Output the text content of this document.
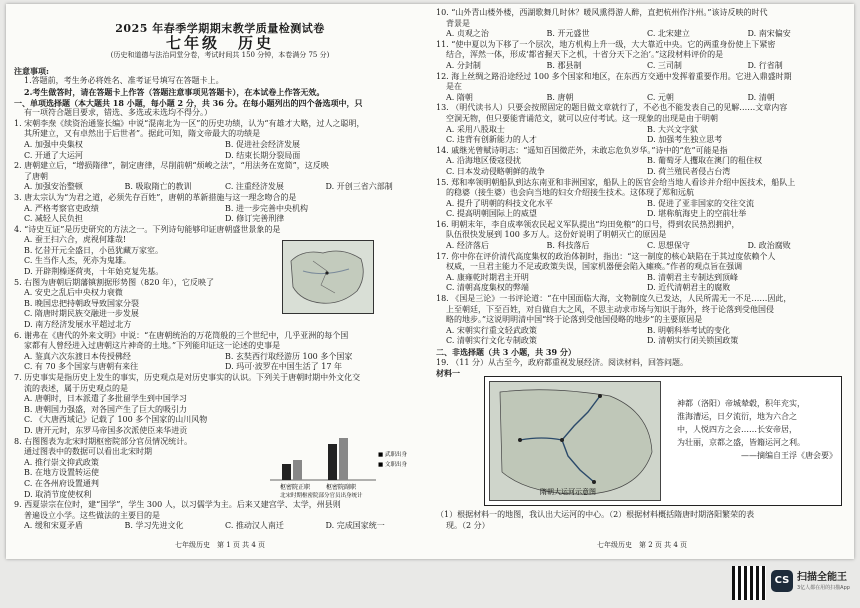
2025 年春季学期期末教学质量检测试卷
七年级　历史
(历史和道德与法治同堂分卷，考试时间共 150 分钟，本卷满分 75 分)
注意事项:
1.答题前，考生务必将姓名、准考证号填写在答题卡上。
2.考生做答时，请在答题卡上作答（答题注意事项见答题卡），在本试卷上作答无效。
一、单项选择题（本大题共 18 小题，每小题 2 分，共 36 分。在每小题列出的四个备选项中，只
有一项符合题目要求，错选、多选或未选均不得分。）
1. 宋朝李焘《续资治通鉴长编》中说“混南北为一区”的历史功绩，认为“有雄才大略，过人之聪明，
其所建立，又有卓然出于后世者”。据此可知，隋文帝最大的功绩是
A. 加强中央集权	B. 促进社会经济发展
C. 开通了大运河	D. 结束长期分裂局面
2. 唐朝建立后，“增损隋律”，制定唐律，尽削前朝“烦峻之法”，“用法务在宽简”，这反映
了唐朝
A. 加强安治整顿	B. 吸取隋亡的教训	C. 注重经济发展	D. 开创三省六部制
3. 唐太宗认为“为君之道，必须先存百姓”，唐朝的革新措施与这一理念吻合的是
A. 严格考察官吏政绩	B. 进一步完善中央机构
C. 减轻人民负担	D. 修订完善刑律
4. “诗史互证”是历史研究的方法之一。下列诗句能够印证唐朝盛世景象的是
A. 蚕王扫六合，虎视何雄哉!
B. 忆昔开元全盛日，小邑犹藏万家室。
C. 生当作人杰，死亦为鬼雄。
D. 开辟荆榛逐荷夷，十年始克复先基。
5. 右图为唐朝后期藩镇割据形势图（820 年），它反映了
A. 安史之乱后中央权力衰微
B. 晚国忠把持朝政导致国家分裂
C. 隋唐时期民族交融进一步发展
D. 南方经济发展水平超过北方
6. 谢弗在《唐代的外来文明》中说：“在唐朝统治的万花筒般的三个世纪中，几乎亚洲的每个国
家都有人曾经进入过唐朝这片神奇的土地。”下列能印证这一论述的史事是
A. 鉴真六次东渡日本传授佛经	B. 玄奘西行取经游历 100 多个国家
C. 有 70 多个国家与唐朝有来往	D. 玛可·波罗在中国生活了 17 年
7. 历史事实是指历史上发生的事实，历史观点是对历史事实的认识。下列关于唐朝时期中外文化交
流的表述，属于历史观点的是
A. 唐朝时，日本派遣了多批留学生到中国学习
B. 唐朝国力强盛，对各国产生了巨大的吸引力
C. 《大唐西域记》记载了 100 多个国家的山川风物
D. 唐开元时，东罗马帝国多次派使臣来华进贡
8. 右图图表为北宋时期枢密院部分官员情况统计。
通过图表中的数据可以看出北宋时期
A. 推行崇文抑武政策
B. 在地方设置转运使
C. 在各州府设置通判
D. 取消节度使权利
9. 西夏崇宗在位时，建“国学”，学生 300 人，以习儒学为主。后来又建宫学、太学，州县则
普遍设立小学。这些做法的主要目的是
A. 缓和宋夏矛盾	B. 学习先进文化	C. 推动汉人南迁	D. 完成国家统一
枢密院正职	枢密院副职
■ 武职出身
■ 文职出身
北宋时期枢密院部分官员出身统计
七年级历史　第 1 页 共 4 页
10. “山外青山楼外楼，西湖歌舞几时休？暖风熏得游人醉，直把杭州作汴州。”该诗反映的时代
背景是
A. 贞观之治	B. 开元盛世	C. 北宋建立	D. 南宋偏安
11. “使中夏以为下移了一个层次，地方机构上升一级，大大靠近中央。它的两重身份使上下紧密
结合，浑然一体，形成‘都省握天下之机，十省分天下之治’。”这段材料评价的是
A. 分封制	B. 郡县制	C. 三司制	D. 行省制
12. 海上丝绸之路沿途经过 100 多个国家和地区，在东西方交通中发挥着重要作用。它进入鼎盛时期
是在
A. 隋朝	B. 唐朝	C. 元朝	D. 清朝
13. （明代读书人）只要会按照固定的题目做文章就行了，不必也不能发表自己的见解……文章内容
空洞无物，但只要能背诵范文，就可以应付考试。这一现象的出现是由于明朝
A. 采用八股取士	B. 大兴文字狱
C. 违背有创新能力的人才	D. 加强考生独立思考
14. 戚继光曾赋诗明志：“遥知百国微茫外，未敢忘危负岁华。”诗中的“危”可能是指
A. 沿海地区倭寇侵扰	B. 葡萄牙人攫取在澳门的租住权
C. 日本发动侵略朝鲜的战争	D. 荷兰殖民者侵占台湾
15. 郑和率领明朝船队到达东南亚和非洲国家，船队上的医官会给当地人看诊并介绍中医技术，船队上
的稳婆（接生婆）也会向当地的妇女介绍接生技术。这体现了郑和远航
A. 提升了明朝的科技文化水平	B. 促进了亚非国家的交往交流
C. 提高明朝国际上的威望	D. 堪称航海史上的空前壮举
16. 明朝末年，李自成率领农民起义军队提出“均田免粮”的口号，得到农民热烈拥护，
队伍很快发展到 100 多万人。这份好说明了明朝灭亡的原因是
A. 经济落后	B. 科技落后	C. 思想保守	D. 政治腐败
17. 你中你在评价清代高度集权的政治体制时，指出：“这一制度的核心缺陷在于其过度依赖个人
权威，一旦君主能力不足或政策失误，国家机器便会陷入瘫痪。”作者的观点旨在强调
A. 康雍乾时期君主开明	B. 清朝君主专制达到顶峰
C. 清朝高度集权的弊端	D. 近代清朝君主的腐败
18. 《国是三论》一书评论道：“在中国面临大海，文物制度久已发达，人民所需无一不足……因此，
上至朝廷，下至百姓，对自做自大之风，不思主动求市场与知识于海外，终于论落到受他国侵
略的地步。”这说明明清中国“终于论落到受他国侵略的地步”的主要原因是
A. 宋朝实行重文轻武政策	B. 明朝科举考试的变化
C. 清朝实行文化专制政策	D. 清朝实行闭关锁国政策
二、非选择题（共 3 小题，共 39 分）
19. （11 分）从古至今，政府都重视发展经济。阅读材料，回答问题。
材料一
隋朝大运河示意图
神都（洛阳）帝城辇毂，积年充实，
淮海漕运，日夕流衍，地为六合之
中，人悦四方之会……长安帝居，
为壮丽，京都之盛，皆籍运河之利。
——摘编自王浮《唐会要》
（1）根据材料一的地图，我认出大运河的中心。（2）根据材料概括隋唐时期洛阳繁荣的表
现。（2 分）
七年级历史　第 2 页 共 4 页
CS 扫描全能王
3亿人都在用的扫描App
